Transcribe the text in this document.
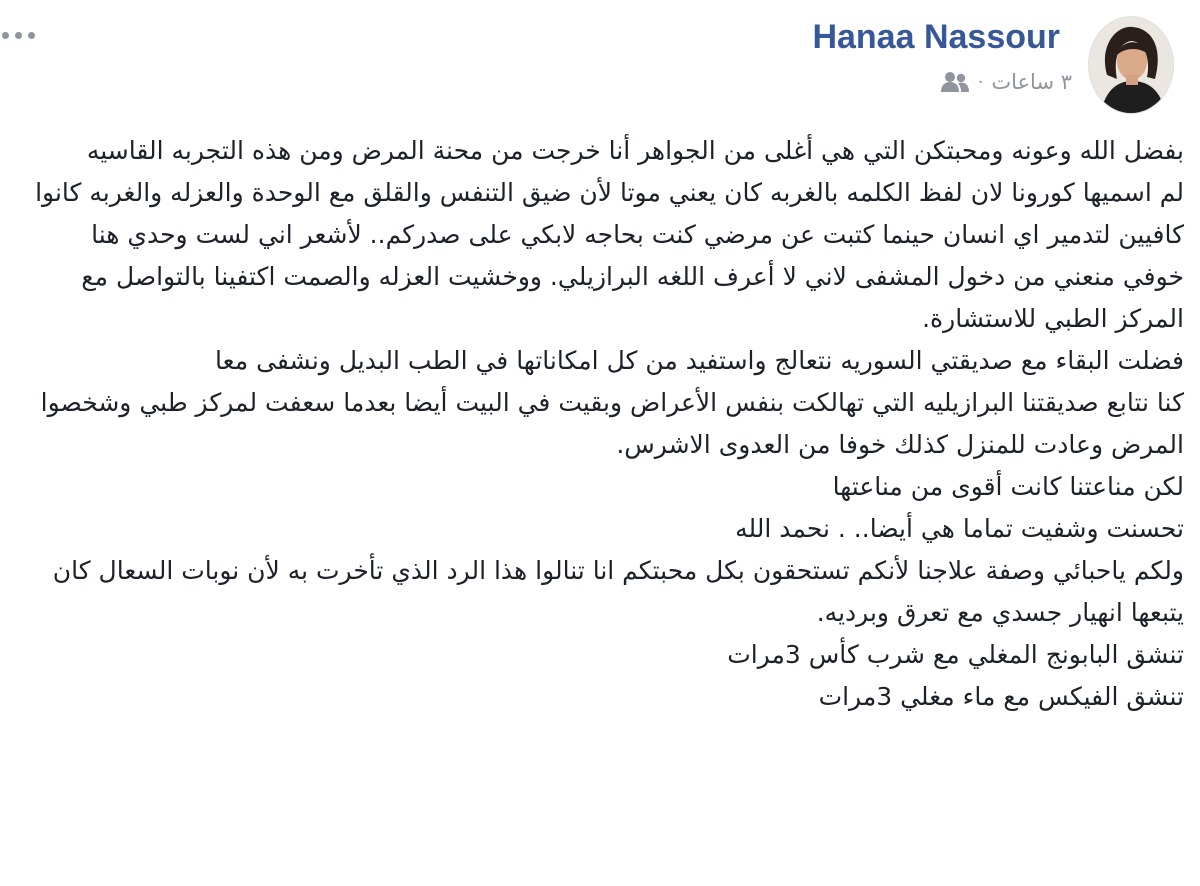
Hanaa Nassour
٣ ساعات
·

بفضل الله وعونه ومحبتكن التي هي أغلى من الجواهر أنا خرجت من محنة المرض ومن هذه التجربه القاسيه

لم اسميها كورونا لان لفظ الكلمه بالغربه كان يعني موتا لأن ضيق التنفس والقلق مع الوحدة والعزله والغربه كانوا كافيين لتدمير اي انسان حينما كتبت عن مرضي كنت بحاجه لابكي على صدركم.. لأشعر اني لست وحدي هنا

خوفي منعني من دخول المشفى لاني لا أعرف اللغه البرازيلي. ووخشيت العزله والصمت اكتفينا بالتواصل مع المركز الطبي للاستشارة.

فضلت البقاء مع صديقتي السوريه نتعالج واستفيد من كل امكاناتها في الطب البديل ونشفى معا

كنا نتابع صديقتنا البرازيليه التي تهالكت بنفس الأعراض وبقيت في البيت أيضا بعدما سعفت لمركز طبي وشخصوا المرض وعادت للمنزل كذلك خوفا من العدوى الاشرس.

لكن مناعتنا كانت أقوى من مناعتها

تحسنت وشفيت تماما هي أيضا.. . نحمد الله

ولكم ياحبائي وصفة علاجنا لأنكم تستحقون بكل محبتكم انا تنالوا هذا الرد الذي تأخرت به لأن نوبات السعال كان يتبعها انهيار جسدي مع تعرق وبرديه.

تنشق البابونج المغلي مع شرب كأس 3مرات

تنشق الفيكس مع ماء مغلي 3مرات
